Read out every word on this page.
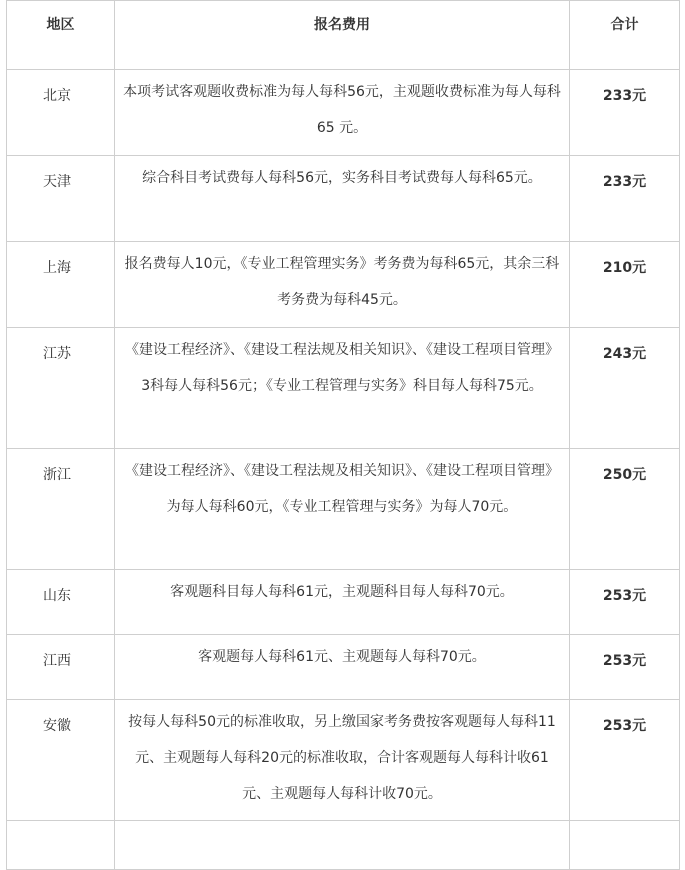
地区	报名费用	合计
北京	本项考试客观题收费标准为每人每科56元，主观题收费标准为每人每科65 元。	233元
天津	综合科目考试费每人每科56元，实务科目考试费每人每科65元。	233元
上海	报名费每人10元，《专业工程管理实务》考务费为每科65元，其余三科考务费为每科45元。	210元
江苏	《建设工程经济》、《建设工程法规及相关知识》、《建设工程项目管理》3科每人每科56元；《专业工程管理与实务》科目每人每科75元。	243元
浙江	《建设工程经济》、《建设工程法规及相关知识》、《建设工程项目管理》为每人每科60元，《专业工程管理与实务》为每人70元。	250元
山东	客观题科目每人每科61元，主观题科目每人每科70元。	253元
江西	客观题每人每科61元、主观题每人每科70元。	253元
安徽	按每人每科50元的标准收取，另上缴国家考务费按客观题每人每科11元、主观题每人每科20元的标准收取，合计客观题每人每科计收61元、主观题每人每科计收70元。	253元
